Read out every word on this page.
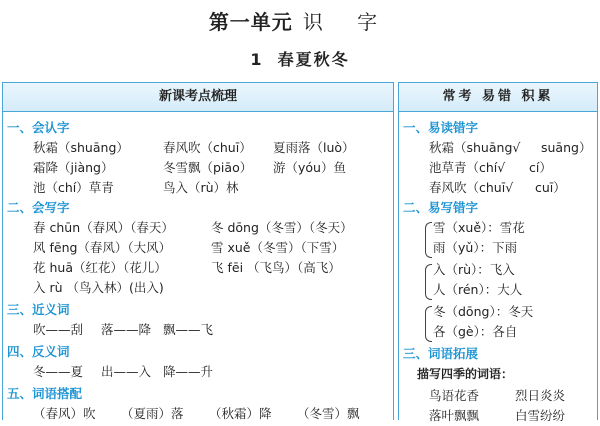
第一单元 识 字
1 春夏秋冬
新课考点梳理
一、会认字
秋霜（shuāng）	春风吹（chuī） 夏雨落（luò）
霜降（jiàng）	冬雪飘（piāo） 游（yóu）鱼
池（chí）草青	鸟入（rù）林
二、会写字
春 chūn（春风）（春天）	冬 dōng（冬雪）（冬天）
风 fēng（春风）（大风）	雪 xuě（冬雪）（下雪）
花 huā（红花）（花儿）	飞 fēi （飞鸟）（高飞）
入 rù （鸟入林）(出入)
三、近义词
吹——刮 落——降 飘——飞
四、反义词
冬——夏 出——入 降——升
五、词语搭配
（春风）吹 （夏雨）落 （秋霜）降 （冬雪）飘
常考 易错 积累
一、易读错字
秋霜（shuāng√ suāng）
池草青（chí√ cí）
春风吹（chuī√ cuī）
二、易写错字
雪（xuě）：雪花
雨（yǔ）：下雨
入（rù）：飞入
人（rén）：大人
冬（dōng）：冬天
各（gè）：各自
三、词语拓展
描写四季的词语：
鸟语花香	烈日炎炎
落叶飘飘	白雪纷纷
